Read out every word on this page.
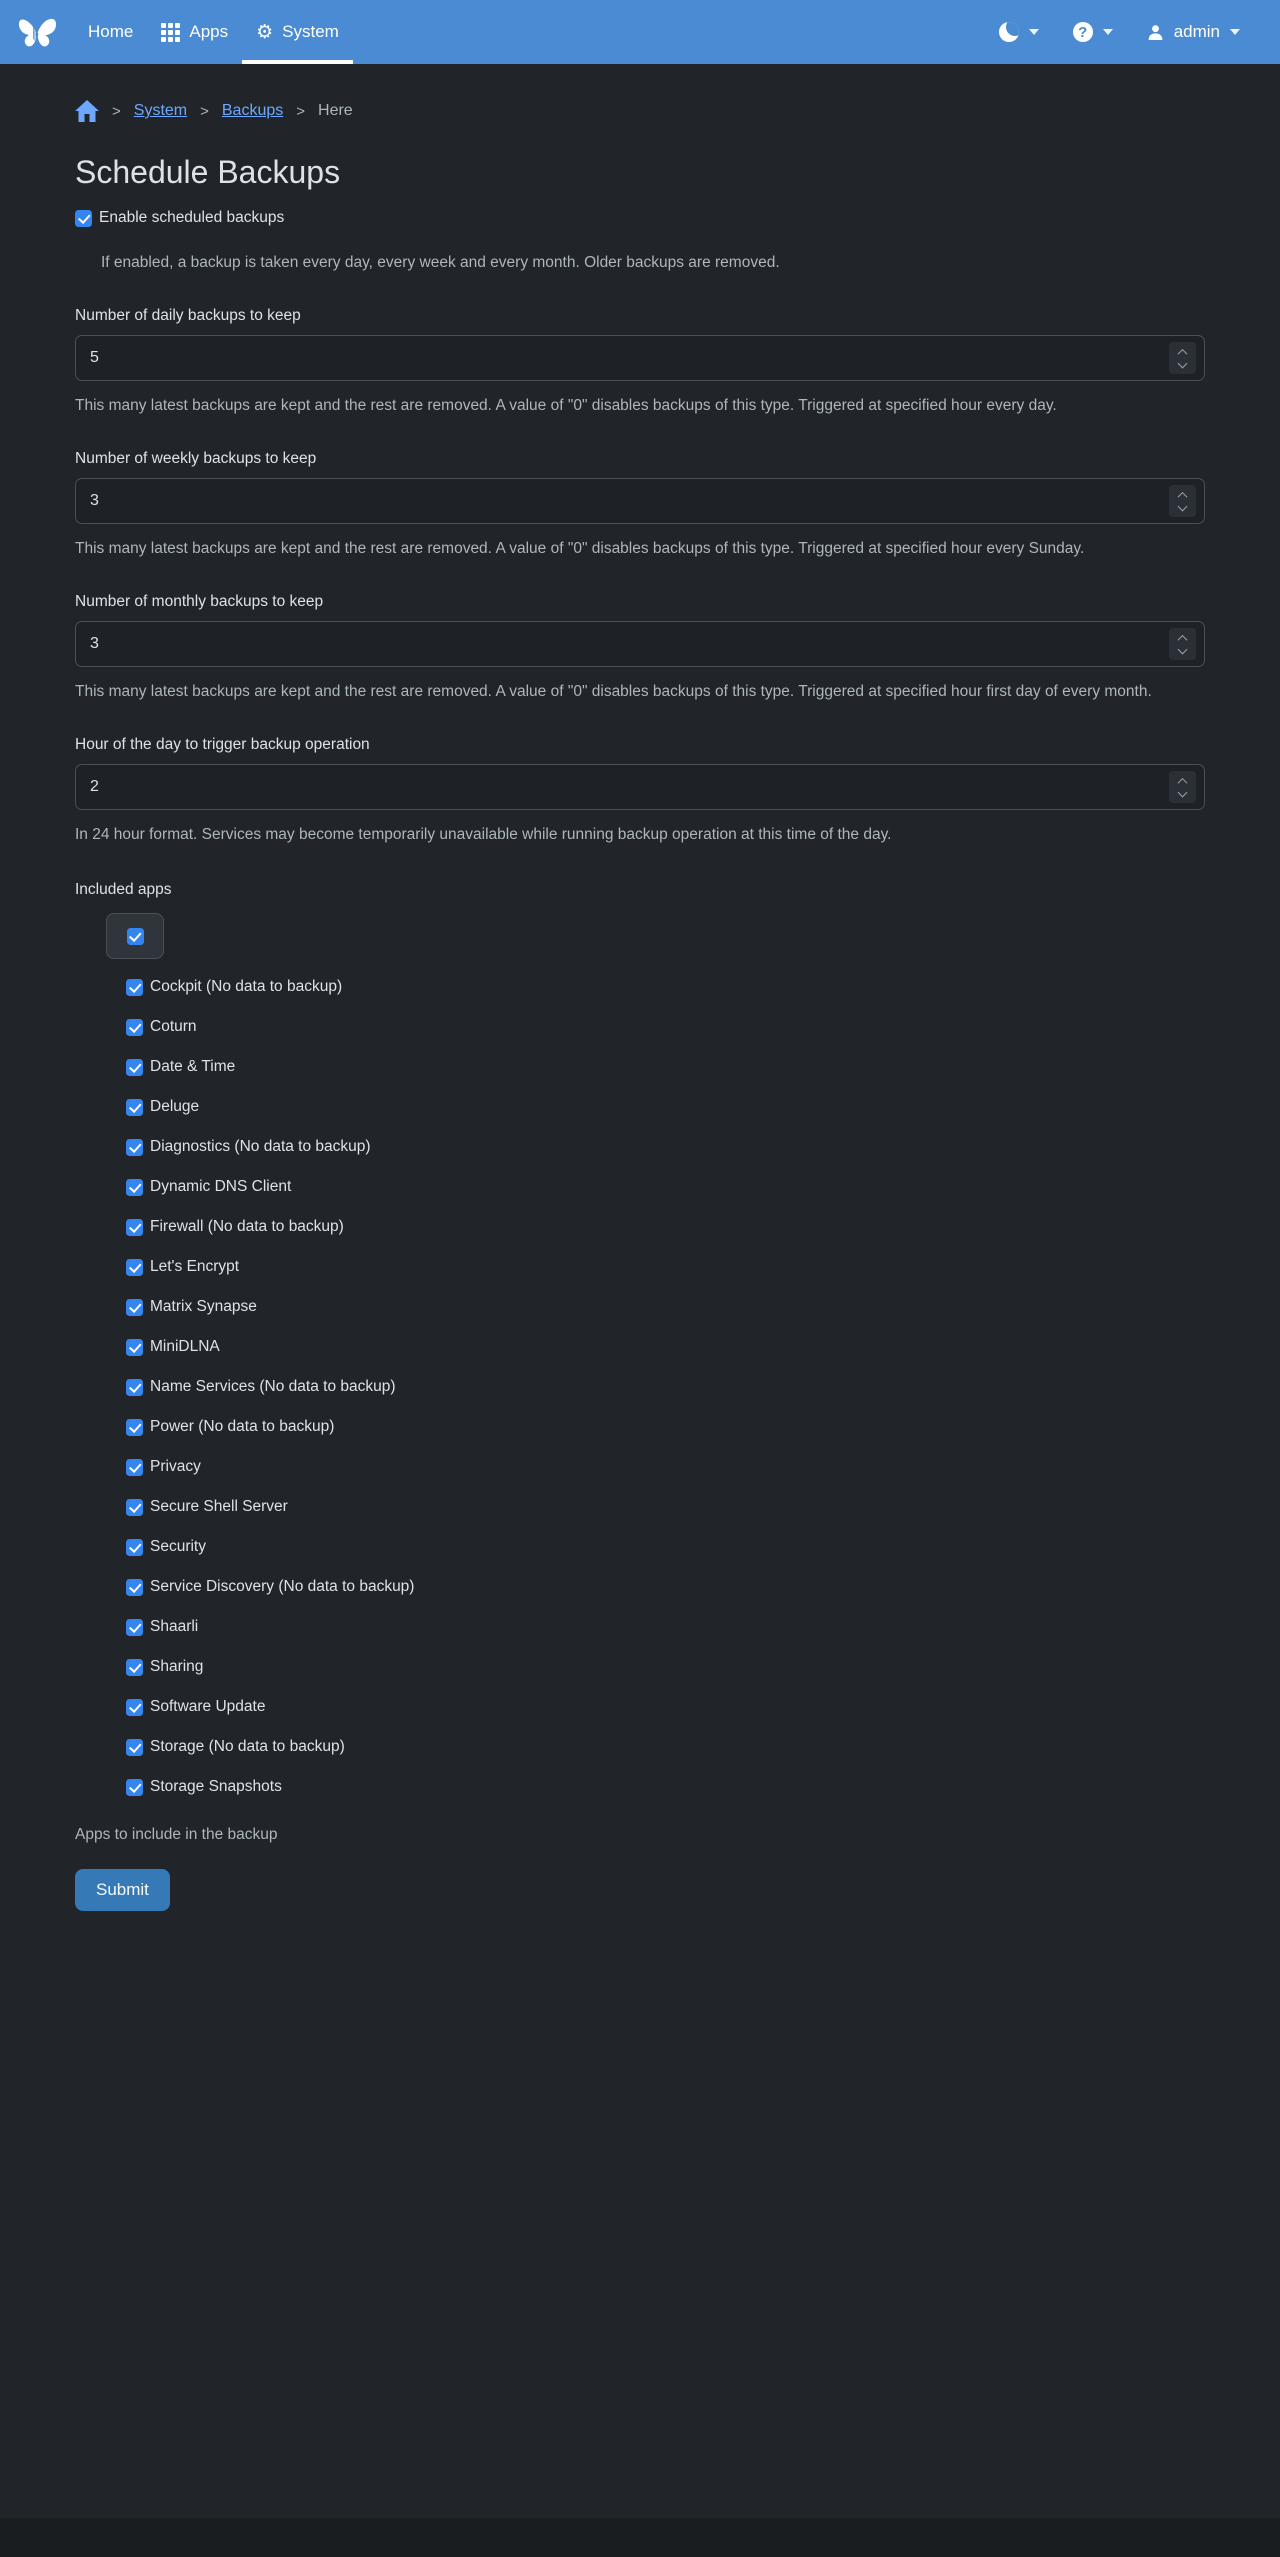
Home	Apps ⚙ System	?	admin
> System > Backups > Here
Schedule Backups
Enable scheduled backups
If enabled, a backup is taken every day, every week and every month. Older backups are removed.
Number of daily backups to keep
5
This many latest backups are kept and the rest are removed. A value of "0" disables backups of this type. Triggered at specified hour every day.
Number of weekly backups to keep
3
This many latest backups are kept and the rest are removed. A value of "0" disables backups of this type. Triggered at specified hour every Sunday.
Number of monthly backups to keep
3
This many latest backups are kept and the rest are removed. A value of "0" disables backups of this type. Triggered at specified hour first day of every month.
Hour of the day to trigger backup operation
2
In 24 hour format. Services may become temporarily unavailable while running backup operation at this time of the day.
Included apps
Cockpit (No data to backup)
Coturn
Date & Time
Deluge
Diagnostics (No data to backup)
Dynamic DNS Client
Firewall (No data to backup)
Let's Encrypt
Matrix Synapse
MiniDLNA
Name Services (No data to backup)
Power (No data to backup)
Privacy
Secure Shell Server
Security
Service Discovery (No data to backup)
Shaarli
Sharing
Software Update
Storage (No data to backup)
Storage Snapshots
Apps to include in the backup
Submit
